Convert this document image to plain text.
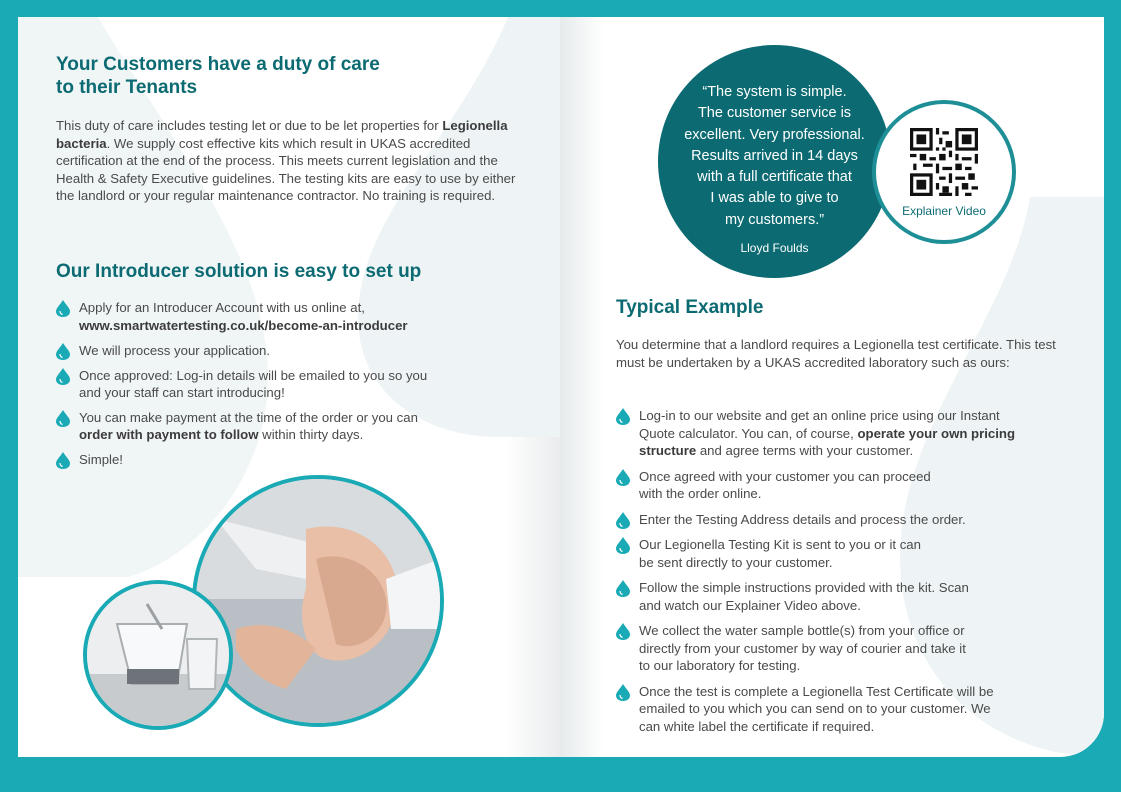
Your Customers have a duty of care
to their Tenants

This duty of care includes testing let or due to be let properties for Legionella bacteria. We supply cost effective kits which result in UKAS accredited certification at the end of the process. This meets current legislation and the Health & Safety Executive guidelines. The testing kits are easy to use by either the landlord or your regular maintenance contractor. No training is required.

Our Introducer solution is easy to set up
Apply for an Introducer Account with us online at,
www.smartwatertesting.co.uk/become-an-introducer
We will process your application.
Once approved: Log-in details will be emailed to you so you and your staff can start introducing!
You can make payment at the time of the order or you can order with payment to follow within thirty days.
Simple!
Typical Example

You determine that a landlord requires a Legionella test certificate. This test must be undertaken by a UKAS accredited laboratory such as ours:

Log-in to our website and get an online price using our Instant Quote calculator. You can, of course, operate your own pricing structure and agree terms with your customer.
Once agreed with your customer you can proceed with the order online.
Enter the Testing Address details and process the order.
Our Legionella Testing Kit is sent to you or it can be sent directly to your customer.
Follow the simple instructions provided with the kit. Scan and watch our Explainer Video above.
We collect the water sample bottle(s) from your office or directly from your customer by way of courier and take it to our laboratory for testing.
Once the test is complete a Legionella Test Certificate will be emailed to you which you can send on to your customer. We can white label the certificate if required.
“The system is simple.
The customer service is
excellent. Very professional.
Results arrived in 14 days
with a full certificate that
I was able to give to
my customers.”
Lloyd Foulds
Explainer Video
